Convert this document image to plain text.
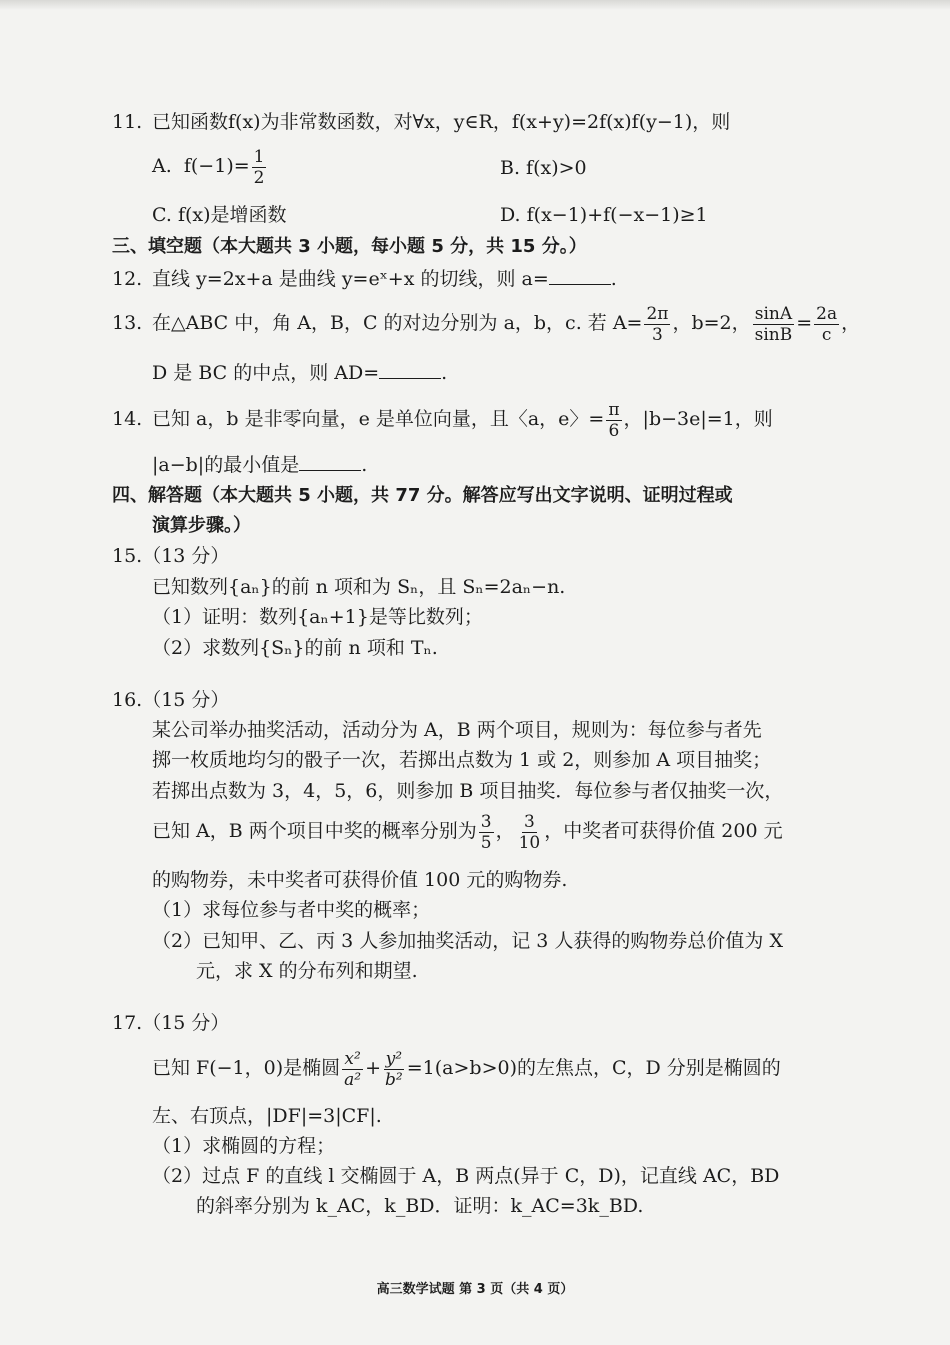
11. 已知函数f(x)为非常数函数，对∀x，y∈R，f(x+y)=2f(x)f(y−1)，则
A. $f(-1)= \frac{1}{2}$	B. f(x)>0
C. f(x)是增函数	D. f(x−1)+f(−x−1)≥1
三、填空题（本大题共 3 小题，每小题 5 分，共 15 分。）
12. 直线 y=2x+a 是曲线 y=eˣ+x 的切线，则 a=	.
13. 在△ABC 中，角 A，B，C 的对边分别为 a，b，c. 若 $A= \frac{2\pi}{3}$ ，b=2， $\frac{\sin A}{\sin B} = \frac{2a}{c}$ ，
D 是 BC 的中点，则 AD=	.
14. 已知 a，b 是非零向量，e 是单位向量，且〈a，e〉= $\frac{\pi}{6}$ ，|b−3e|=1，则
|a−b|的最小值是	.
四、解答题（本大题共 5 小题，共 77 分。解答应写出文字说明、证明过程或
演算步骤。）
15.（13 分）
已知数列{aₙ}的前 n 项和为 Sₙ，且 Sₙ=2aₙ−n.
（1）证明：数列{aₙ+1}是等比数列；
（2）求数列{Sₙ}的前 n 项和 Tₙ.
16.（15 分）
某公司举办抽奖活动，活动分为 A，B 两个项目，规则为：每位参与者先
掷一枚质地均匀的骰子一次，若掷出点数为 1 或 2，则参加 A 项目抽奖；
若掷出点数为 3，4，5，6，则参加 B 项目抽奖．每位参与者仅抽奖一次，
已知 A，B 两个项目中奖的概率分别为 $\frac{3}{5}$ ， $\frac{3}{10}$ ，中奖者可获得价值 200 元
的购物券，未中奖者可获得价值 100 元的购物券.
（1）求每位参与者中奖的概率；
（2）已知甲、乙、丙 3 人参加抽奖活动，记 3 人获得的购物券总价值为 X
元，求 X 的分布列和期望.
17.（15 分）
已知 F(−1，0)是椭圆 $\frac{\text{x²}}{\text{a²}} + \frac{\text{y²}}{\text{b²}} =1(a>b>0)$的左焦点，C，D 分别是椭圆的
左、右顶点，|DF|=3|CF|.
（1）求椭圆的方程；
（2）过点 F 的直线 l 交椭圆于 A，B 两点(异于 C，D)，记直线 AC，BD
的斜率分别为 k_AC，k_BD．证明：k_AC=3k_BD.
高三数学试题 第 3 页（共 4 页）
